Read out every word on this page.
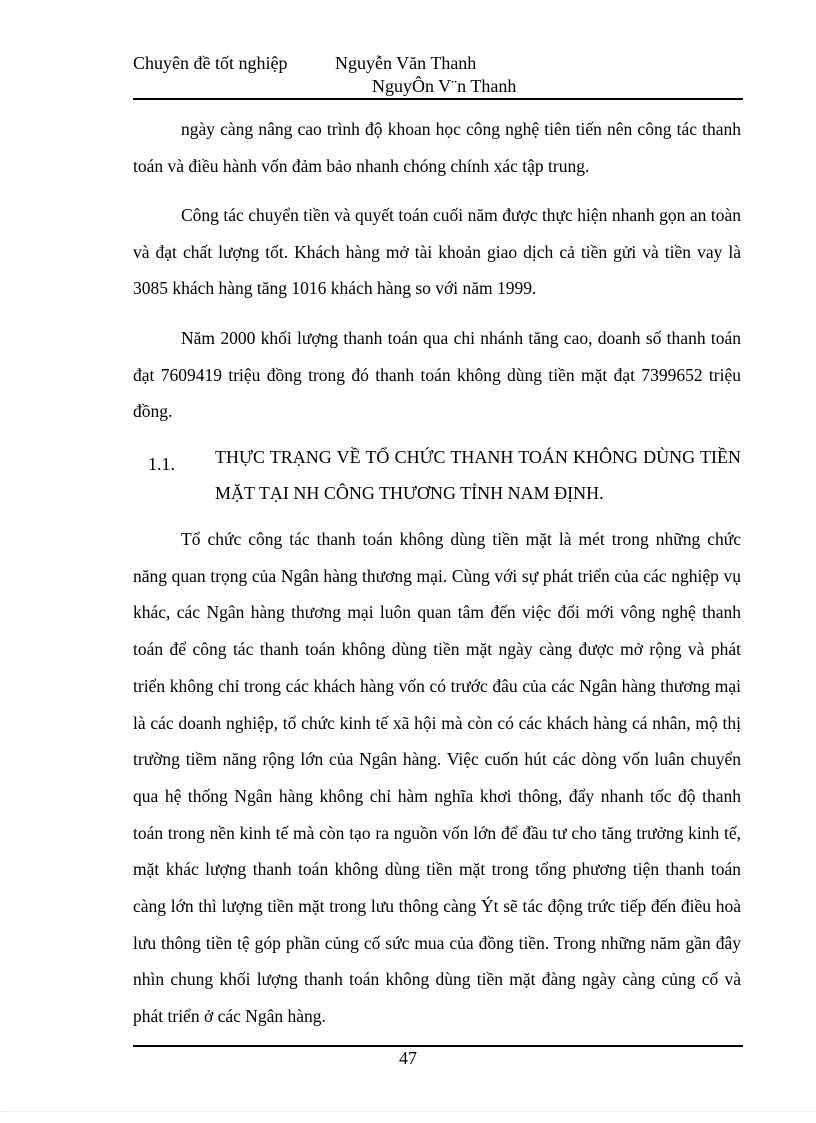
Chuyên đề tốt nghiệp	Nguyễn Văn Thanh
NguyÔn V¨n Thanh

ngày càng nâng cao trình độ khoan học công nghệ tiên tiến nên công tác thanh toán và điều hành vốn đảm bảo nhanh chóng chính xác tập trung.

Công tác chuyển tiền và quyết toán cuối năm được thực hiện nhanh gọn an toàn và đạt chất lượng tốt. Khách hàng mở tài khoản giao dịch cả tiền gửi và tiền vay là 3085 khách hàng tăng 1016 khách hàng so với năm 1999.

Năm 2000 khối lượng thanh toán qua chi nhánh tăng cao, doanh số thanh toán đạt 7609419 triệu đồng trong đó thanh toán không dùng tiền mặt đạt 7399652 triệu đồng.

1.1. THỰC TRẠNG VỀ TỔ CHỨC THANH TOÁN KHÔNG DÙNG TIỀN MẶT TẠI NH CÔNG THƯƠNG TỈNH NAM ĐỊNH.

Tổ chức công tác thanh toán không dùng tiền mặt là mét trong những chức năng quan trọng của Ngân hàng thương mại. Cùng với sự phát triển của các nghiệp vụ khác, các Ngân hàng thương mại luôn quan tâm đến việc đổi mới vông nghệ thanh toán để công tác thanh toán không dùng tiền mặt ngày càng được mở rộng và phát triển không chỉ trong các khách hàng vốn có trước đâu của các Ngân hàng thương mại là các doanh nghiệp, tổ chức kinh tế xã hội mà còn có các khách hàng cá nhân, mộ thị trường tiềm năng rộng lớn của Ngân hàng. Việc cuốn hút các dòng vốn luân chuyển qua hệ thống Ngân hàng không chỉ hàm nghĩa khơi thông, đẩy nhanh tốc độ thanh toán trong nền kinh tế mà còn tạo ra nguồn vốn lớn để đầu tư cho tăng trưởng kinh tế, mặt khác lượng thanh toán không dùng tiền mặt trong tổng phương tiện thanh toán càng lớn thì lượng tiền mặt trong lưu thông càng Ýt sẽ tác động trức tiếp đến điều hoà lưu thông tiền tệ góp phần củng cố sức mua của đồng tiền. Trong những năm gần đây nhìn chung khối lượng thanh toán không dùng tiền mặt đàng ngày càng củng cố và phát triển ở các Ngân hàng.

47
